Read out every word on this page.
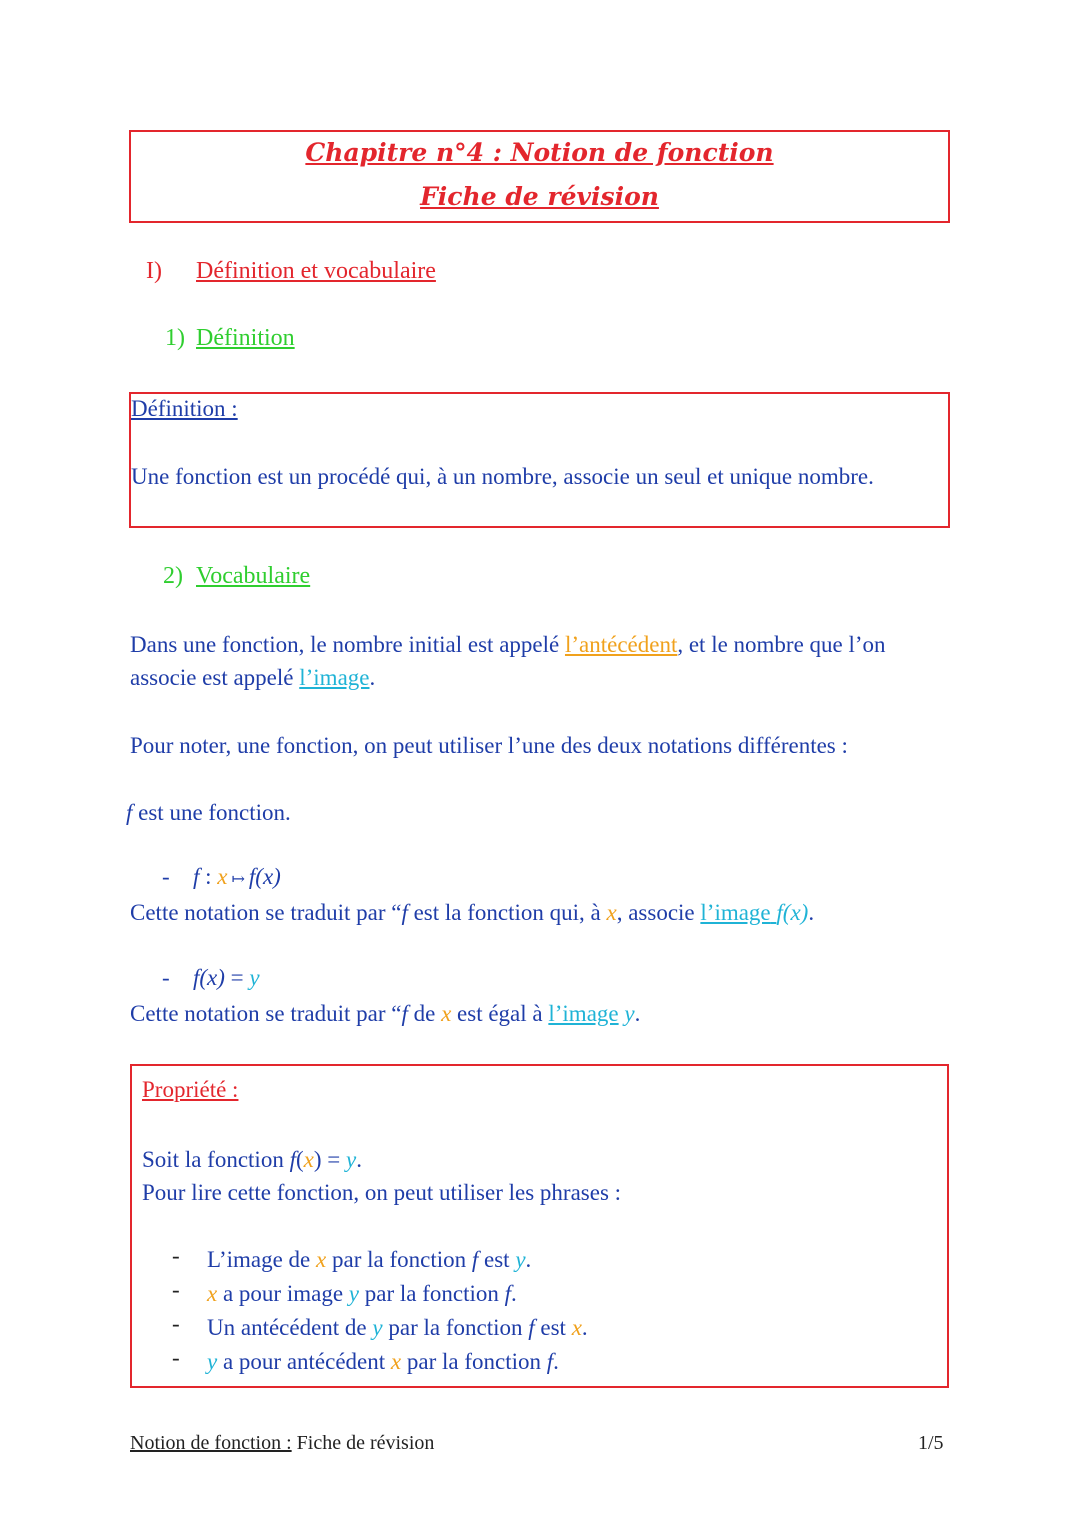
Chapitre n°4 : Notion de fonction
Fiche de révision
I) Définition et vocabulaire
1) Définition
Définition :
Une fonction est un procédé qui, à un nombre, associe un seul et unique nombre.
2) Vocabulaire
Dans une fonction, le nombre initial est appelé l’antécédent, et le nombre que l’on associe est appelé l’image.
Pour noter, une fonction, on peut utiliser l’une des deux notations différentes :
f est une fonction.
- f : x ↦ f(x)
Cette notation se traduit par “f est la fonction qui, à x, associe l’image f(x).
- f(x) = y
Cette notation se traduit par “f de x est égal à l’image y.
Propriété :
Soit la fonction f(x) = y.
Pour lire cette fonction, on peut utiliser les phrases :
- L’image de x par la fonction f est y.
- x a pour image y par la fonction f.
- Un antécédent de y par la fonction f est x.
- y a pour antécédent x par la fonction f.
Notion de fonction : Fiche de révision	1/5
